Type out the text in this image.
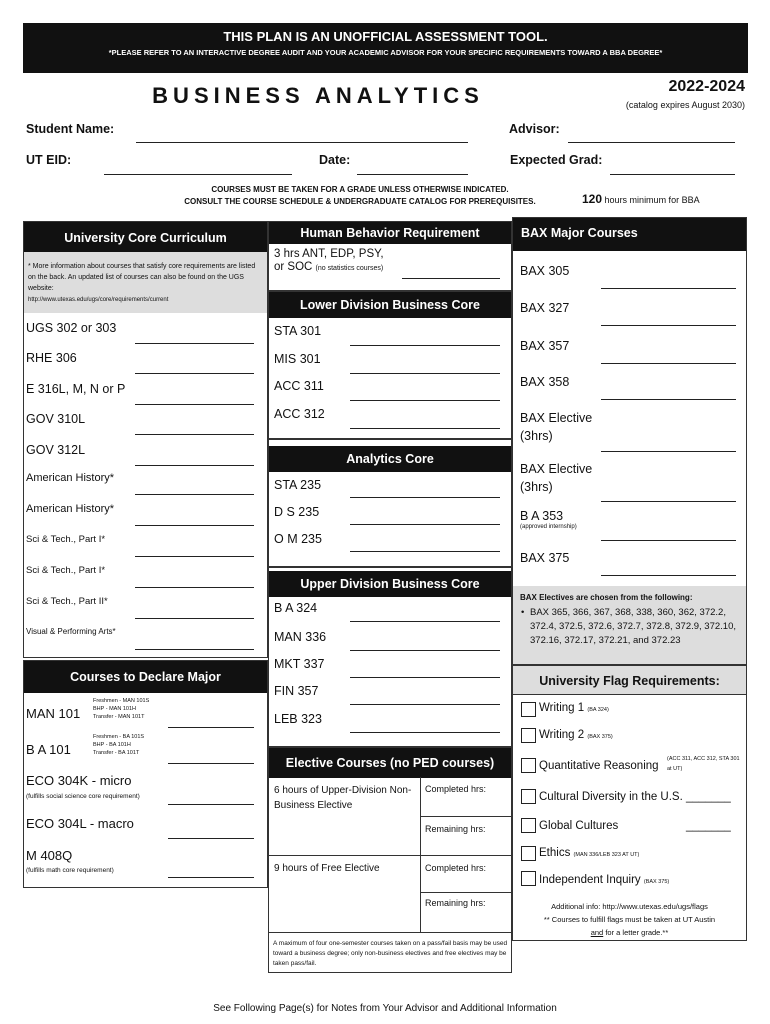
THIS PLAN IS AN UNOFFICIAL ASSESSMENT TOOL.
*PLEASE REFER TO AN INTERACTIVE DEGREE AUDIT AND YOUR ACADEMIC ADVISOR FOR YOUR SPECIFIC REQUIREMENTS TOWARD A BBA DEGREE*
BUSINESS ANALYTICS	2022-2024
(catalog expires August 2030)
Student Name:	Advisor:
UT EID:	Date:	Expected Grad:
COURSES MUST BE TAKEN FOR A GRADE UNLESS OTHERWISE INDICATED.
CONSULT THE COURSE SCHEDULE & UNDERGRADUATE CATALOG FOR PREREQUISITES.	120 hours minimum for BBA
University Core Curriculum
* More information about courses that satisfy core requirements are listed on the back. An updated list of courses can also be found on the UGS website:
http://www.utexas.edu/ugs/core/requirements/current
UGS 302 or 303
RHE 306
E 316L, M, N or P
GOV 310L
GOV 312L
American History*
American History*
Sci & Tech., Part I*
Sci & Tech., Part I*
Sci & Tech., Part II*
Visual & Performing Arts*
Courses to Declare Major
MAN 101
Freshmen - MAN 101S
BHP - MAN 101H
Transfer - MAN 101T
B A 101
Freshmen - BA 101S
BHP - BA 101H
Transfer - BA 101T
ECO 304K - micro
(fulfills social science core requirement)
ECO 304L - macro
M 408Q
(fulfills math core requirement)
Human Behavior Requirement
3 hrs ANT, EDP, PSY,
or SOC (no statistics courses)
Lower Division Business Core
STA 301
MIS 301
ACC 311
ACC 312
Analytics Core
STA 235
D S 235
O M 235
Upper Division Business Core
B A 324
MAN 336
MKT 337
FIN 357
LEB 323
Elective Courses (no PED courses)
6 hours of Upper-Division Non-Business Elective
Completed hrs:
Remaining hrs:
9 hours of Free Elective	Completed hrs:
Remaining hrs:
A maximum of four one-semester courses taken on a pass/fail basis may be used toward a business degree; only non-business electives and free electives may be taken pass/fail.
BAX Major Courses
BAX 305
BAX 327
BAX 357
BAX 358
BAX Elective
(3hrs)
BAX Elective
(3hrs)
B A 353
(approved internship)
BAX 375
BAX Electives are chosen from the following:
• BAX 365, 366, 367, 368, 338, 360, 362, 372.2, 372.4, 372.5, 372.6, 372.7, 372.8, 372.9, 372.10, 372.16, 372.17, 372.21, and 372.23
University Flag Requirements:
Writing 1 (BA 324)
Writing 2 (BAX 375)
Quantitative Reasoning
(ACC 311, ACC 312, STA 301 at UT)
Cultural Diversity in the U.S. _______
Global Cultures	_______
Ethics (MAN 336/LEB 323 AT UT)
Independent Inquiry (BAX 375)
Additional info: http://www.utexas.edu/ugs/flags
** Courses to fulfill flags must be taken at UT Austin
and for a letter grade.**
See Following Page(s) for Notes from Your Advisor and Additional Information
